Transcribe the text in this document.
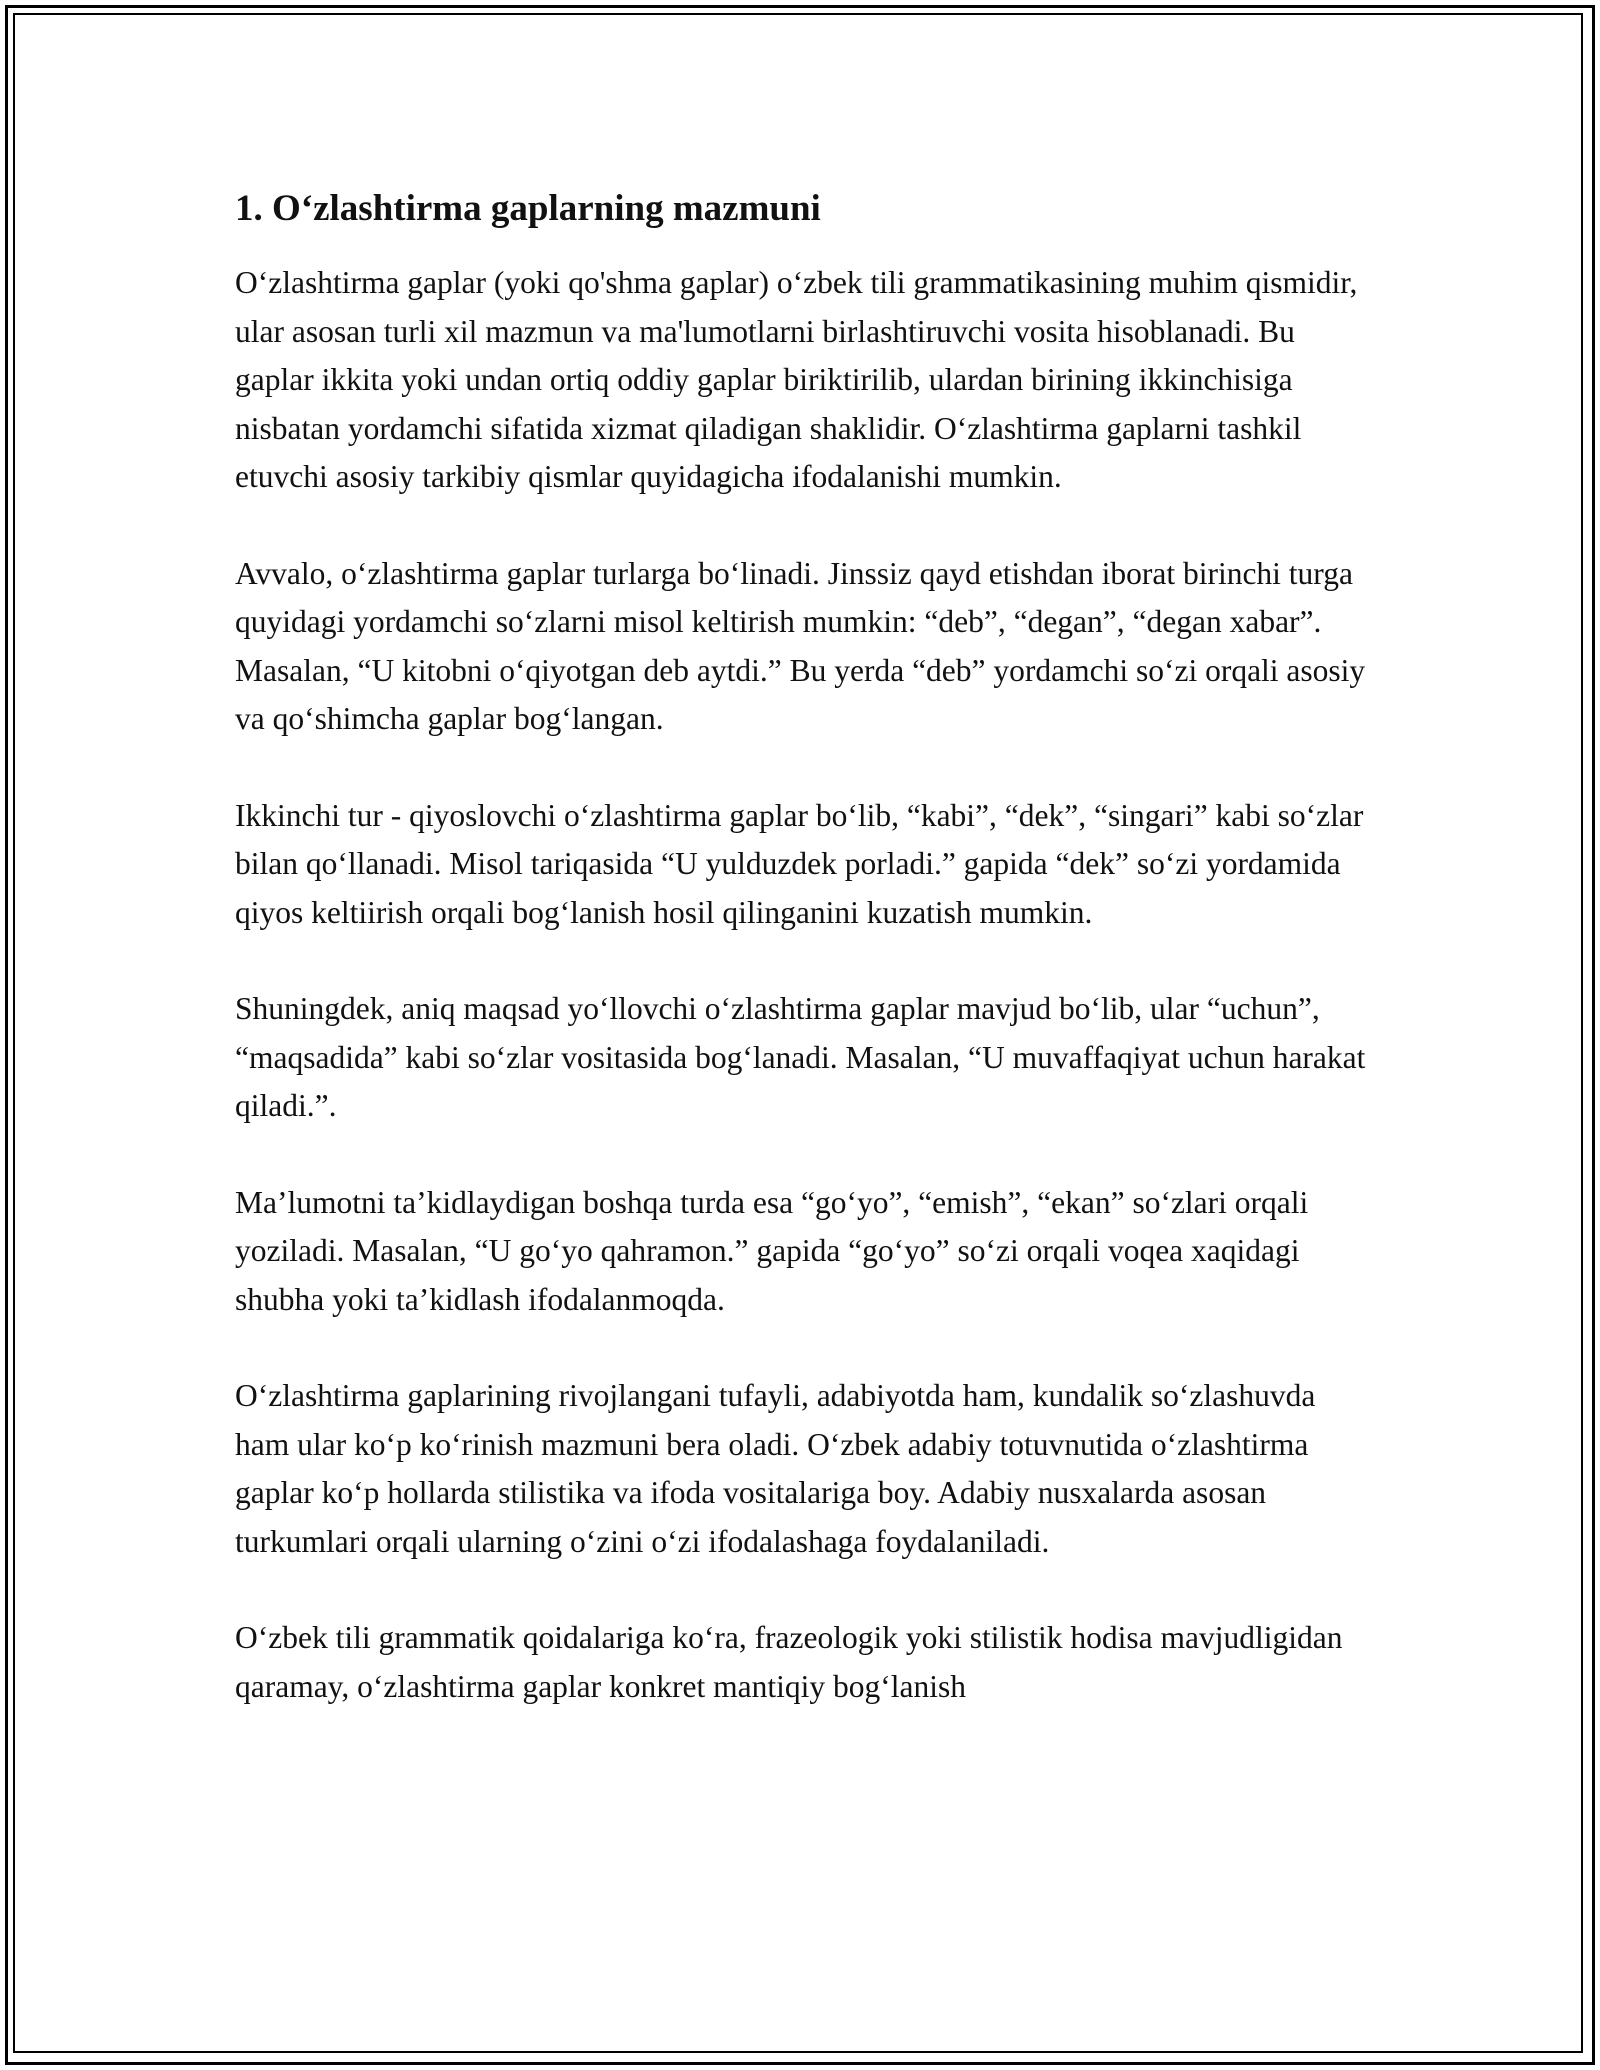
1. O‘zlashtirma gaplarning mazmuni

O‘zlashtirma gaplar (yoki qo'shma gaplar) o‘zbek tili grammatikasining muhim qismidir, ular asosan turli xil mazmun va ma'lumotlarni birlashtiruvchi vosita hisoblanadi. Bu gaplar ikkita yoki undan ortiq oddiy gaplar biriktirilib, ulardan birining ikkinchisiga nisbatan yordamchi sifatida xizmat qiladigan shaklidir. O‘zlashtirma gaplarni tashkil etuvchi asosiy tarkibiy qismlar quyidagicha ifodalanishi mumkin.

Avvalo, o‘zlashtirma gaplar turlarga bo‘linadi. Jinssiz qayd etishdan iborat birinchi turga quyidagi yordamchi so‘zlarni misol keltirish mumkin: “deb”, “degan”, “degan xabar”. Masalan, “U kitobni o‘qiyotgan deb aytdi.” Bu yerda “deb” yordamchi so‘zi orqali asosiy va qo‘shimcha gaplar bog‘langan.

Ikkinchi tur - qiyoslovchi o‘zlashtirma gaplar bo‘lib, “kabi”, “dek”, “singari” kabi so‘zlar bilan qo‘llanadi. Misol tariqasida “U yulduzdek porladi.” gapida “dek” so‘zi yordamida qiyos keltiirish orqali bog‘lanish hosil qilinganini kuzatish mumkin.

Shuningdek, aniq maqsad yo‘llovchi o‘zlashtirma gaplar mavjud bo‘lib, ular “uchun”, “maqsadida” kabi so‘zlar vositasida bog‘lanadi. Masalan, “U muvaffaqiyat uchun harakat qiladi.”.

Ma’lumotni ta’kidlaydigan boshqa turda esa “go‘yo”, “emish”, “ekan” so‘zlari orqali yoziladi. Masalan, “U go‘yo qahramon.” gapida “go‘yo” so‘zi orqali voqea xaqidagi shubha yoki ta’kidlash ifodalanmoqda.

O‘zlashtirma gaplarining rivojlangani tufayli, adabiyotda ham, kundalik so‘zlashuvda ham ular ko‘p ko‘rinish mazmuni bera oladi. O‘zbek adabiy totuvnutida o‘zlashtirma gaplar ko‘p hollarda stilistika va ifoda vositalariga boy. Adabiy nusxalarda asosan turkumlari orqali ularning o‘zini o‘zi ifodalashaga foydalaniladi.

O‘zbek tili grammatik qoidalariga ko‘ra, frazeologik yoki stilistik hodisa mavjudligidan qaramay, o‘zlashtirma gaplar konkret mantiqiy bog‘lanish
